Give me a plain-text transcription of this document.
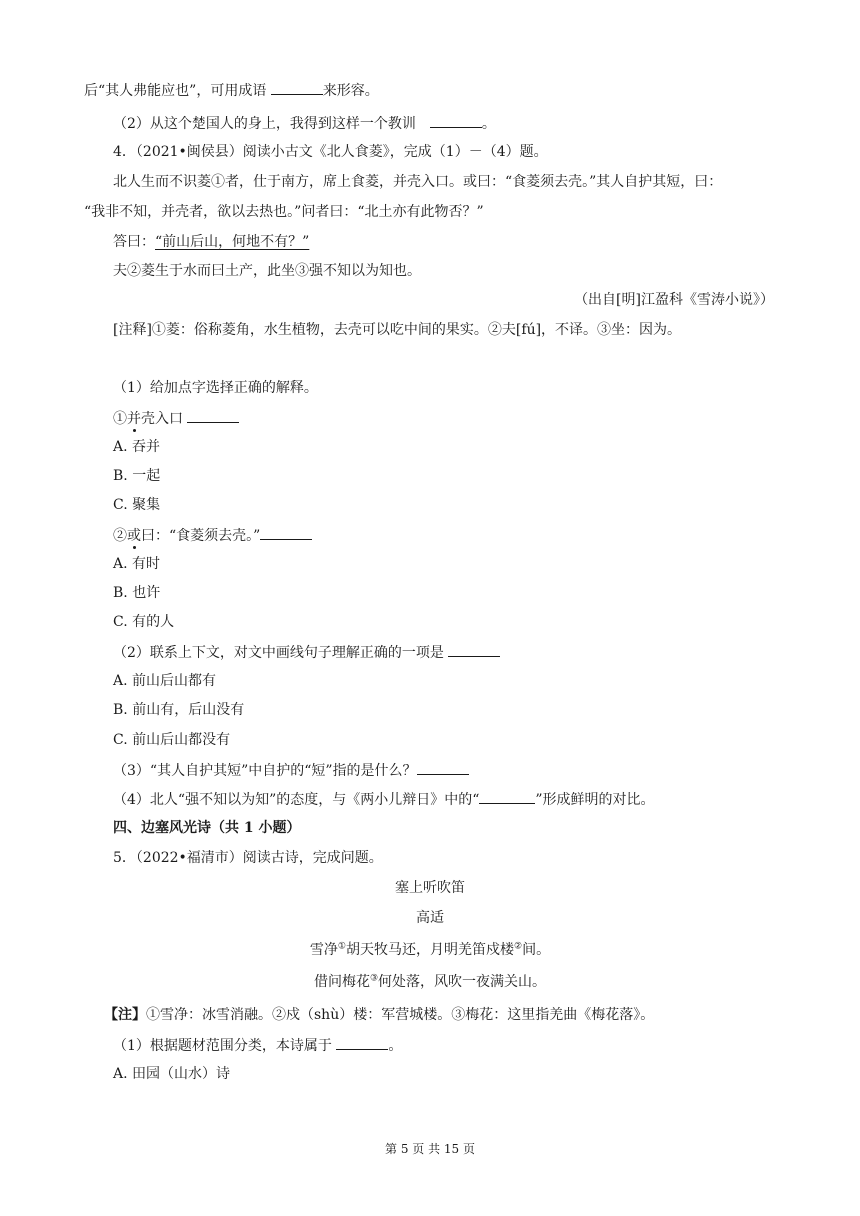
后“其人弗能应也”，可用成语	来形容。
（2）从这个楚国人的身上，我得到这样一个教训　	。
4．（2021•闽侯县）阅读小古文《北人食菱》，完成（1）－（4）题。
北人生而不识菱①者，仕于南方，席上食菱，并壳入口。或曰：“食菱须去壳。”其人自护其短，曰：
“我非不知，并壳者，欲以去热也。”问者曰：“北土亦有此物否？”
答曰：“前山后山，何地不有？”
夫②菱生于水而曰土产，此坐③强不知以为知也。
（出自[明]江盈科《雪涛小说》）
[注释]①菱：俗称菱角，水生植物，去壳可以吃中间的果实。②夫[fú]，不译。③坐：因为。
（1）给加点字选择正确的解释。
①并壳入口
A. 吞并
B. 一起
C. 聚集
②或曰：“食菱须去壳。”
A. 有时
B. 也许
C. 有的人
（2）联系上下文，对文中画线句子理解正确的一项是
A. 前山后山都有
B. 前山有，后山没有
C. 前山后山都没有
（3）“其人自护其短”中自护的“短”指的是什么？
（4）北人“强不知以为知”的态度，与《两小儿辩日》中的“	”形成鲜明的对比。
四、边塞风光诗（共 1 小题）
5．（2022•福清市）阅读古诗，完成问题。
塞上听吹笛
高适
雪净①胡天牧马还，月明羌笛戍楼②间。
借问梅花③何处落，风吹一夜满关山。
【注】①雪净：冰雪消融。②戍（shù）楼：军营城楼。③梅花：这里指羌曲《梅花落》。
（1）根据题材范围分类，本诗属于	。
A. 田园（山水）诗
第 5 页 共 15 页
